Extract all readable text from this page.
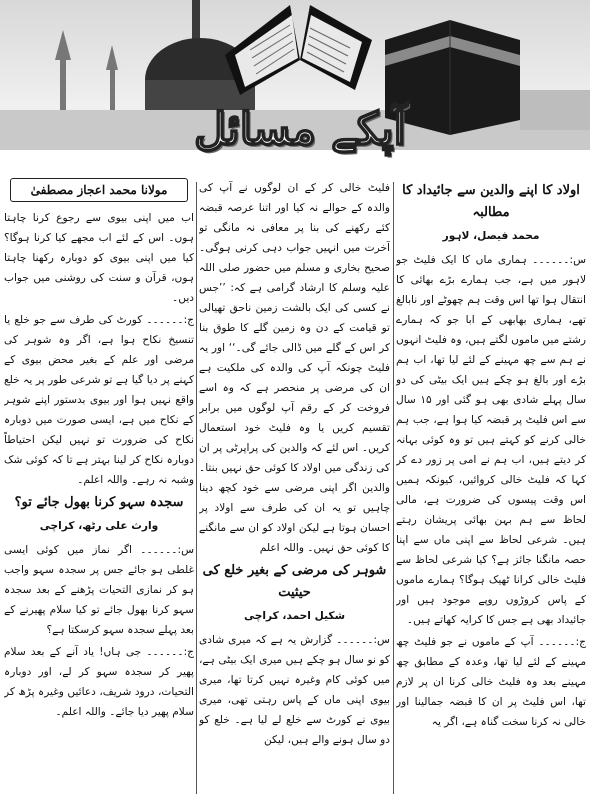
آپکے مسائل
اولاد کا اپنے والدین سے جائیداد کا مطالبہ
محمد فیصل، لاہور

س:۔۔۔۔۔۔ ہماری ماں کا ایک فلیٹ جو لاہور میں ہے، جب ہمارے بڑے بھائی کا انتقال ہوا تھا اس وقت ہم چھوٹے اور نابالغ تھے، ہماری بھابھی کے ابا جو کہ ہمارے رشتے میں ماموں لگتے ہیں، وہ فلیٹ انہوں نے ہم سے چھ مہینے کے لئے لیا تھا، اب ہم بڑے اور بالغ ہو چکے ہیں ایک بیٹی کی دو سال پہلے شادی بھی ہو گئی اور ۱۵ سال سے اس فلیٹ پر قبضہ کیا ہوا ہے، جب ہم خالی کرنے کو کہتے ہیں تو وہ کوئی بہانہ کر دیتے ہیں، اب ہم نے امی پر زور دے کر کہا کہ فلیٹ خالی کروائیں، کیونکہ ہمیں اس وقت پیسوں کی ضرورت ہے، مالی لحاظ سے ہم بہن بھائی پریشان رہتے ہیں۔ شرعی لحاظ سے اپنی ماں سے اپنا حصہ مانگنا جائز ہے؟ کیا شرعی لحاظ سے فلیٹ خالی کرانا ٹھیک ہوگا؟ ہمارے ماموں کے پاس کروڑوں روپے موجود ہیں اور جائیداد بھی ہے جس کا کرایہ کھاتے ہیں۔

ج:۔۔۔۔۔۔ آپ کے ماموں نے جو فلیٹ چھ مہینے کے لئے لیا تھا، وعدہ کے مطابق چھ مہینے بعد وہ فلیٹ خالی کرنا ان پر لازم تھا، اس فلیٹ پر ان کا قبضہ جمالینا اور خالی نہ کرنا سخت گناہ ہے، اگر یہ

فلیٹ خالی کر کے ان لوگوں نے آپ کی والدہ کے حوالے نہ کیا اور اتنا عرصہ قبضہ کئے رکھنے کی بنا پر معافی نہ مانگی تو آخرت میں انہیں جواب دہی کرنی ہوگی۔ صحیح بخاری و مسلم میں حضور صلی اللہ علیہ وسلم کا ارشاد گرامی ہے کہ: ’’جس نے کسی کی ایک بالشت زمین ناحق تھیالی تو قیامت کے دن وہ زمین گلے کا طوق بنا کر اس کے گلے میں ڈالی جائے گی۔‘‘ اور یہ فلیٹ چونکہ آپ کی والدہ کی ملکیت ہے ان کی مرضی پر منحصر ہے کہ وہ اسے فروخت کر کے رقم آپ لوگوں میں برابر تقسیم کریں یا وہ فلیٹ خود استعمال کریں۔ اس لئے کہ والدین کی پراپرٹی پر ان کی زندگی میں اولاد کا کوئی حق نہیں بنتا۔ والدین اگر اپنی مرضی سے خود کچھ دینا چاہیں تو یہ ان کی طرف سے اولاد پر احسان ہوتا ہے لیکن اولاد کو ان سے مانگنے کا کوئی حق نہیں۔ واللہ اعلم

شوہر کی مرضی کے بغیر خلع کی حیثیت
شکیل احمد، کراچی

س:۔۔۔۔۔۔ گزارش یہ ہے کہ میری شادی کو نو سال ہو چکے ہیں میری ایک بیٹی ہے، میں کوئی کام وغیرہ نہیں کرتا تھا، میری بیوی اپنی ماں کے پاس رہتی تھی، میری بیوی نے کورٹ سے خلع لے لیا ہے۔ خلع کو دو سال ہونے والے ہیں، لیکن

مولانا محمد اعجاز مصطفیٰ

اب میں اپنی بیوی سے رجوع کرنا چاہتا ہوں۔ اس کے لئے اب مجھے کیا کرنا ہوگا؟ کیا میں اپنی بیوی کو دوبارہ رکھنا چاہتا ہوں، قرآن و سنت کی روشنی میں جواب دیں۔

ج:۔۔۔۔۔۔ کورٹ کی طرف سے جو خلع یا تنسیخ نکاح ہوا ہے، اگر وہ شوہر کی مرضی اور علم کے بغیر محض بیوی کے کہنے پر دیا گیا ہے تو شرعی طور پر یہ خلع واقع نہیں ہوا اور بیوی بدستور اپنے شوہر کے نکاح میں ہے، ایسی صورت میں دوبارہ نکاح کی ضرورت تو نہیں لیکن احتیاطاً دوبارہ نکاح کر لینا بہتر ہے تا کہ کوئی شک وشبہ نہ رہے۔ واللہ اعلم۔

سجدہ سہو کرنا بھول جائے تو؟
وارث علی رٹھ، کراچی

س:۔۔۔۔۔۔ اگر نماز میں کوئی ایسی غلطی ہو جائے جس پر سجدہ سہو واجب ہو کر نمازی التحیات پڑھنے کے بعد سجدہ سہو کرنا بھول جائے تو کیا سلام پھیرنے کے بعد پہلے سجدہ سہو کرسکتا ہے؟

ج:۔۔۔۔۔۔ جی ہاں! یاد آنے کے بعد سلام پھیر کر سجدہ سہو کر لے، اور دوبارہ التحیات، درود شریف، دعائیں وغیرہ پڑھ کر سلام پھیر دیا جائے۔ واللہ اعلم۔
